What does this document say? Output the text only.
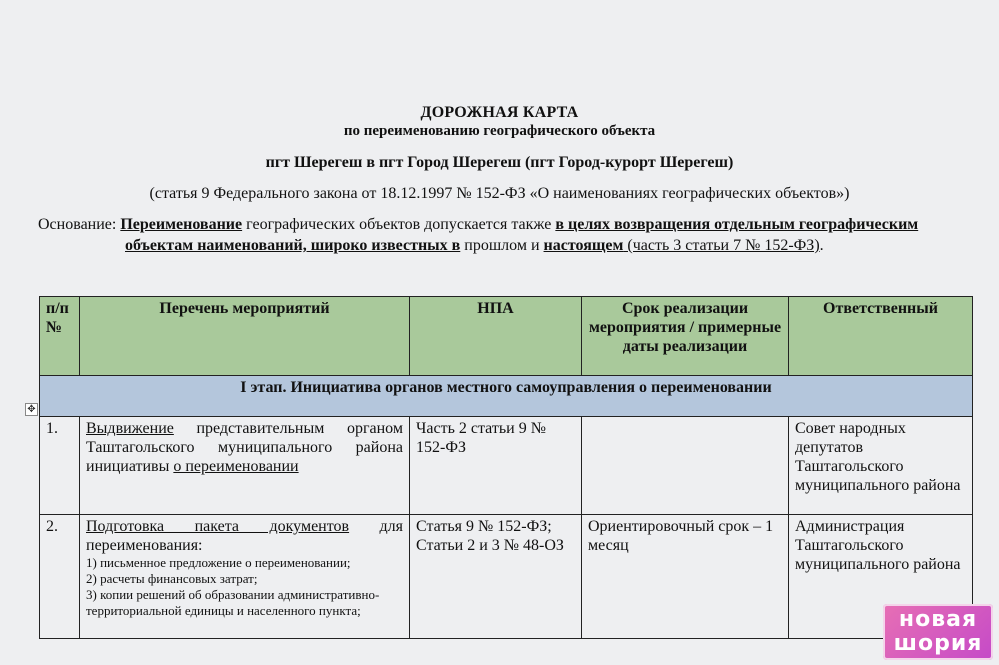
ДОРОЖНАЯ КАРТА
по переименованию географического объекта
пгт Шерегеш в пгт Город Шерегеш (пгт Город-курорт Шерегеш)
(статья 9 Федерального закона от 18.12.1997 № 152-ФЗ «О наименованиях географических объектов»)
Основание: Переименование географических объектов допускается также в целях возвращения отдельным географическим
объектам наименований, широко известных в прошлом и настоящем (часть 3 статьи 7 № 152-ФЗ).
✥
п/п №	Перечень мероприятий	НПА	Срок реализации мероприятия / примерные даты реализации	Ответственный
I этап. Инициатива органов местного самоуправления о переименовании				
1.	Выдвижение представительным органом Таштагольского муниципального района инициативы о переименовании	Часть 2 статьи 9 № 152-ФЗ		Совет народных депутатов Таштагольского муниципального района
2.	Подготовка пакета документов для переименования:
1) письменное предложение о переименовании;
2) расчеты финансовых затрат;
3) копии решений об образовании административно-территориальной единицы и населенного пункта;	Статья 9 № 152-ФЗ; Статьи 2 и 3 № 48-ОЗ	Ориентировочный срок – 1 месяц	Администрация Таштагольского муниципального района
новая
шория
